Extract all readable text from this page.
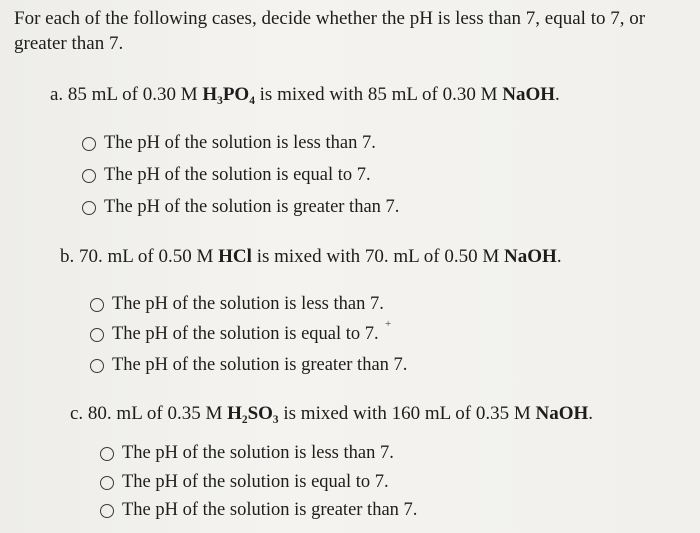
For each of the following cases, decide whether the pH is less than 7, equal to 7, or greater than 7.
a. 85 mL of 0.30 M H₃PO₄ is mixed with 85 mL of 0.30 M NaOH.
The pH of the solution is less than 7.
The pH of the solution is equal to 7.
The pH of the solution is greater than 7.
b. 70. mL of 0.50 M HCl is mixed with 70. mL of 0.50 M NaOH.
The pH of the solution is less than 7.
The pH of the solution is equal to 7. +
The pH of the solution is greater than 7.
c. 80. mL of 0.35 M H₂SO₃ is mixed with 160 mL of 0.35 M NaOH.
The pH of the solution is less than 7.
The pH of the solution is equal to 7.
The pH of the solution is greater than 7.
